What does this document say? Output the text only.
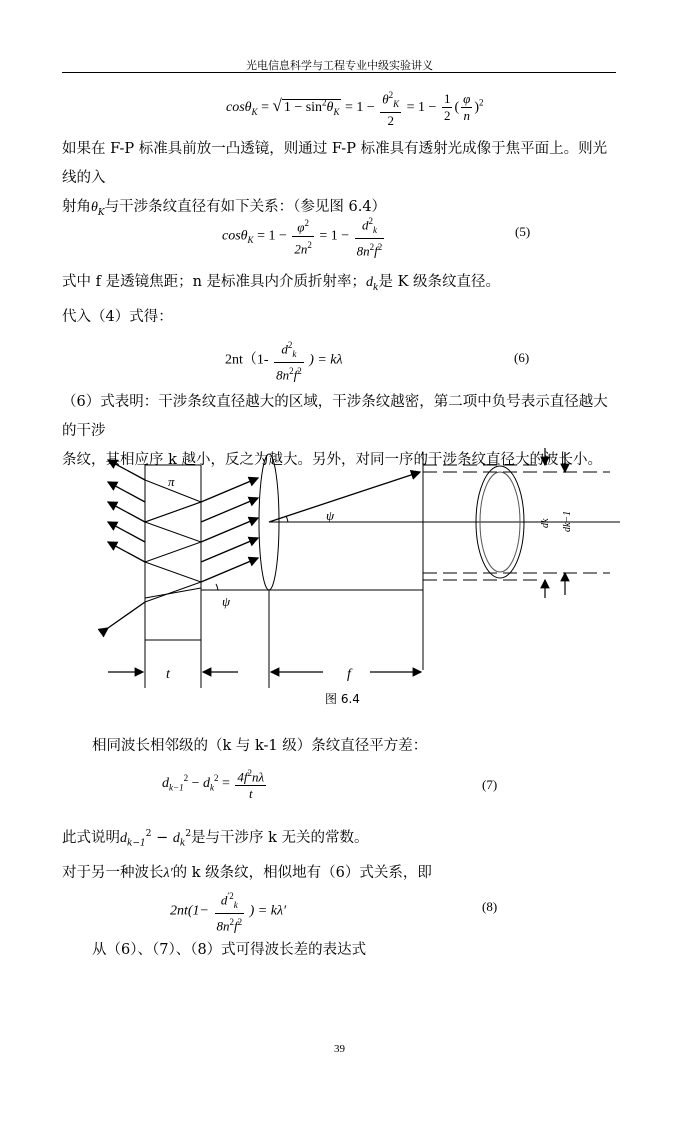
光电信息科学与工程专业中级实验讲义
cosθ$_K$ = √ $1 - \sin^2\theta_K = 1 - \frac{\theta^2_K}{2} = 1 - \frac{1}{2}$ ( $\frac{\varphi}{n} )^2$
如果在 F-P 标准具前放一凸透镜，则通过 F-P 标准具有透射光成像于焦平面上。则光线的入
射角$\theta_K$与干涉条纹直径有如下关系：（参见图 6.4）
$\cos\theta_K = 1 - \frac{\varphi^2}{2n^2} = 1 - \frac{d^2_k}{8n^2f^2}$	(5)
式中 f 是透镜焦距；n 是标准具内介质折射率；$d_k$是 K 级条纹直径。
代入（4）式得：
$2nt(1- \frac{d^2_k}{8n^2f^2}$ ) = kλ	(6)
（6）式表明：干涉条纹直径越大的区域，干涉条纹越密，第二项中负号表示直径越大的干涉
条纹，其相应序 k 越小，反之为越大。另外，对同一序的干涉条纹直径大的波长小。
π
ψ
ψ
t	f
dk dk−1
图 6.4
相同波长相邻级的（k 与 k-1 级）条纹直径平方差：
$d_{k-1}^2 - d_k^2 = \frac{4f^2n\lambda}{t}$	(7)
此式说明$d_{k-1}^2 - d_k^2$是与干涉序 k 无关的常数。
对于另一种波长λ′的 k 级条纹，相似地有（6）式关系，即
$2nt(1- \frac{d^{'2}_k}{8n^2f^2}$ ) = kλ′	(8)
从（6）、（7）、（8）式可得波长差的表达式
39
